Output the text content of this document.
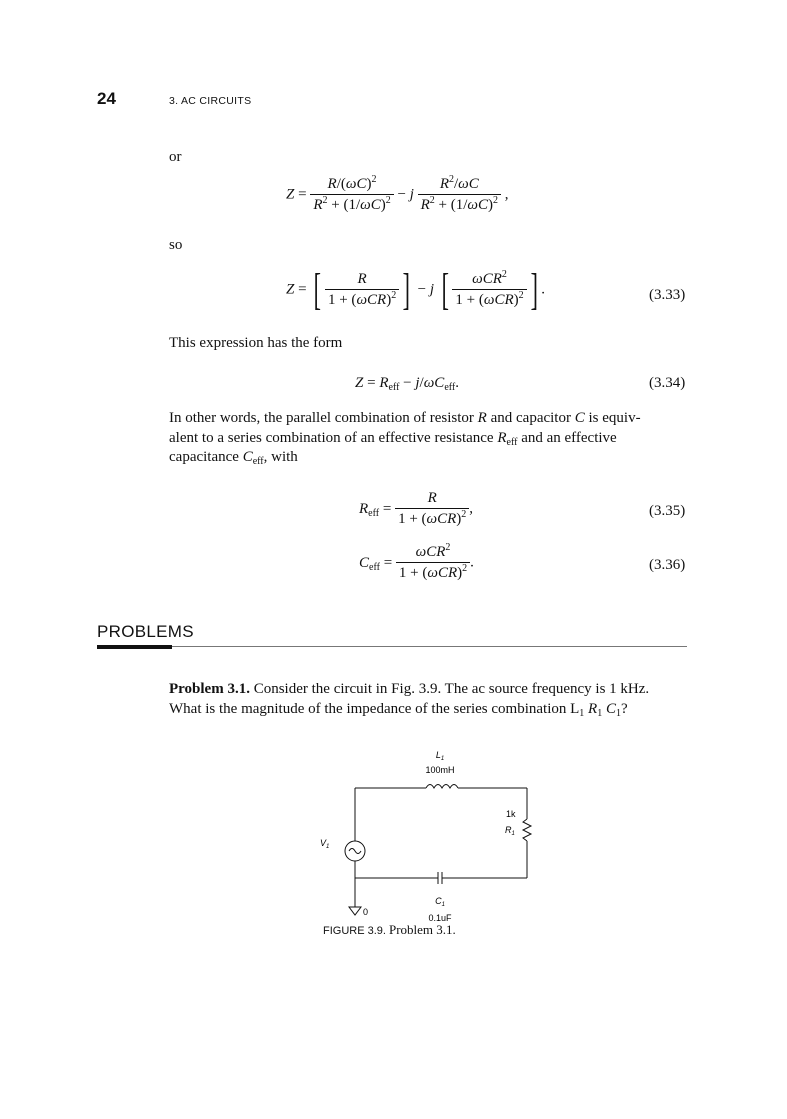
24	3. AC CIRCUITS
or
$Z = \frac{R/(\omega C)^2}{R^2 + (1/\omega C)^2} - j \frac{R^2/\omega C}{R^2 + (1/\omega C)^2}$ ,
so
Z = [ $\frac{R}{1 + (\omega CR)^2}$ ] − j [ $\frac{\omega CR^2}{1 + (\omega CR)^2}$ ] .	(3.33)
This expression has the form
$Z = R_{eff} - j/\omega C_{eff}$.	(3.34)
In other words, the parallel combination of resistor R and capacitor C is equiv-
alent to a series combination of an effective resistance $R_{eff}$ and an effective
capacitance $C_{eff}$, with
$R_{eff} = \frac{R}{1 + (\omega CR)^2}$ ,	(3.35)
$C_{eff} = \frac{\omega CR^2}{1 + (\omega CR)^2}$ .	(3.36)
PROBLEMS
Problem 3.1. Consider the circuit in Fig. 3.9. The ac source frequency is 1 kHz.
What is the magnitude of the impedance of the series combination $L_1$ $R_1$ $C_1$?
$L_1$
100mH
1k
$R_1$
$V_1$
0
$C_1$
0.1uF
FIGURE 3.9. Problem 3.1.
